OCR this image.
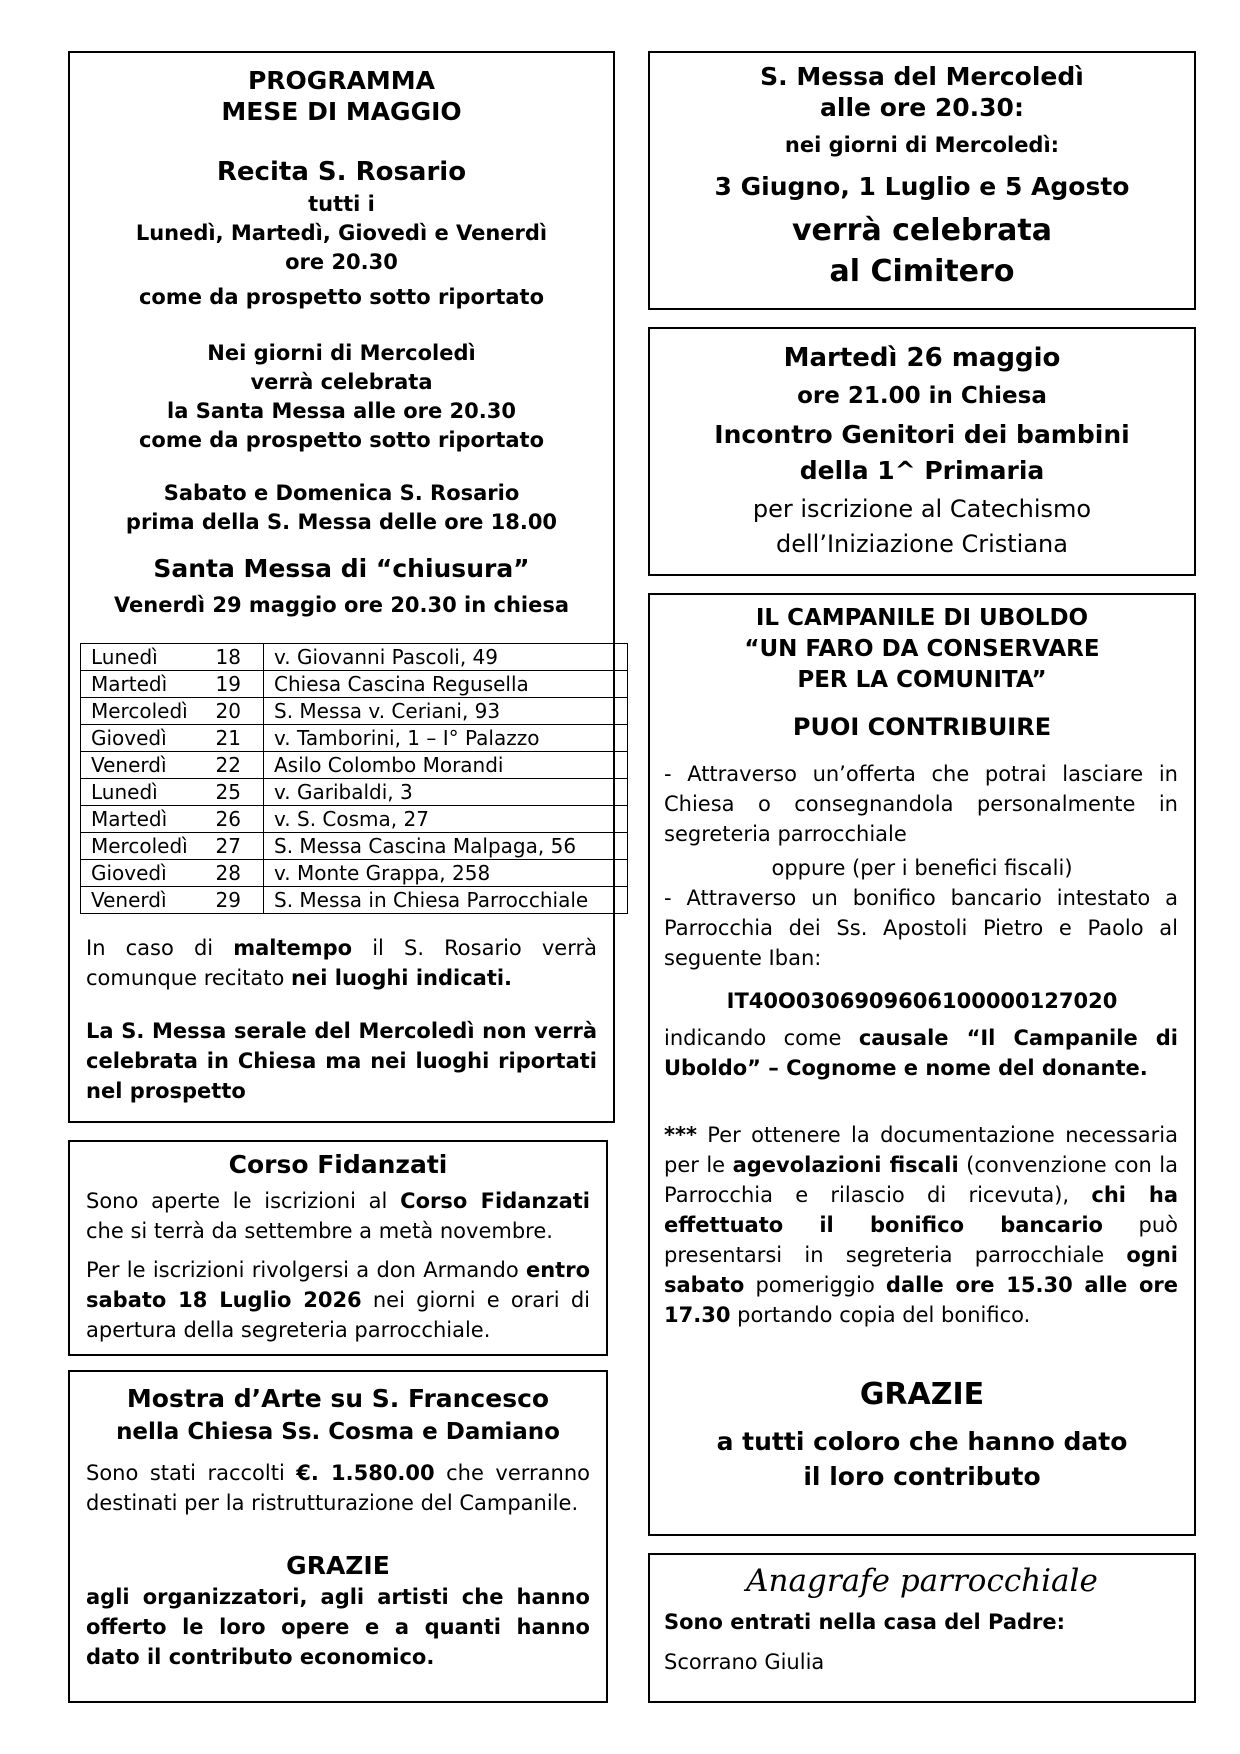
PROGRAMMA
MESE DI MAGGIO
Recita S. Rosario
tutti i
Lunedì, Martedì, Giovedì e Venerdì
ore 20.30
come da prospetto sotto riportato
Nei giorni di Mercoledì
verrà celebrata
la Santa Messa alle ore 20.30
come da prospetto sotto riportato
Sabato e Domenica S. Rosario
prima della S. Messa delle ore 18.00
Santa Messa di “chiusura”
Venerdì 29 maggio ore 20.30 in chiesa
Lunedì 18	v. Giovanni Pascoli, 49
Martedì 19	Chiesa Cascina Regusella
Mercoledì 20	S. Messa v. Ceriani, 93
Giovedì 21	v. Tamborini, 1 – I° Palazzo
Venerdì 22	Asilo Colombo Morandi
Lunedì 25	v. Garibaldi, 3
Martedì 26	v. S. Cosma, 27
Mercoledì 27	S. Messa Cascina Malpaga, 56
Giovedì 28	v. Monte Grappa, 258
Venerdì 29	S. Messa in Chiesa Parrocchiale
In caso di maltempo il S. Rosario verrà comunque recitato nei luoghi indicati.
La S. Messa serale del Mercoledì non verrà celebrata in Chiesa ma nei luoghi riportati nel prospetto
Corso Fidanzati
Sono aperte le iscrizioni al Corso Fidanzati che si terrà da settembre a metà novembre.
Per le iscrizioni rivolgersi a don Armando entro sabato 18 Luglio 2026 nei giorni e orari di apertura della segreteria parrocchiale.
Mostra d’Arte su S. Francesco
nella Chiesa Ss. Cosma e Damiano
Sono stati raccolti €. 1.580.00 che verranno destinati per la ristrutturazione del Campanile.
GRAZIE
agli organizzatori, agli artisti che hanno offerto le loro opere e a quanti hanno dato il contributo economico.
S. Messa del Mercoledì
alle ore 20.30:
nei giorni di Mercoledì:
3 Giugno, 1 Luglio e 5 Agosto
verrà celebrata
al Cimitero
Martedì 26 maggio
ore 21.00 in Chiesa
Incontro Genitori dei bambini
della 1^ Primaria
per iscrizione al Catechismo
dell’Iniziazione Cristiana
IL CAMPANILE DI UBOLDO
“UN FARO DA CONSERVARE
PER LA COMUNITA”
PUOI CONTRIBUIRE
- Attraverso un’offerta che potrai lasciare in Chiesa o consegnandola personalmente in segreteria parrocchiale
oppure (per i benefici fiscali)
- Attraverso un bonifico bancario intestato a Parrocchia dei Ss. Apostoli Pietro e Paolo al seguente Iban:
IT40O0306909606100000127020
indicando come causale “Il Campanile di Uboldo” – Cognome e nome del donante.
*** Per ottenere la documentazione necessaria per le agevolazioni fiscali (convenzione con la Parrocchia e rilascio di ricevuta), chi ha effettuato il bonifico bancario può presentarsi in segreteria parrocchiale ogni sabato pomeriggio dalle ore 15.30 alle ore 17.30 portando copia del bonifico.
GRAZIE
a tutti coloro che hanno dato
il loro contributo
Anagrafe parrocchiale
Sono entrati nella casa del Padre:
Scorrano Giulia
